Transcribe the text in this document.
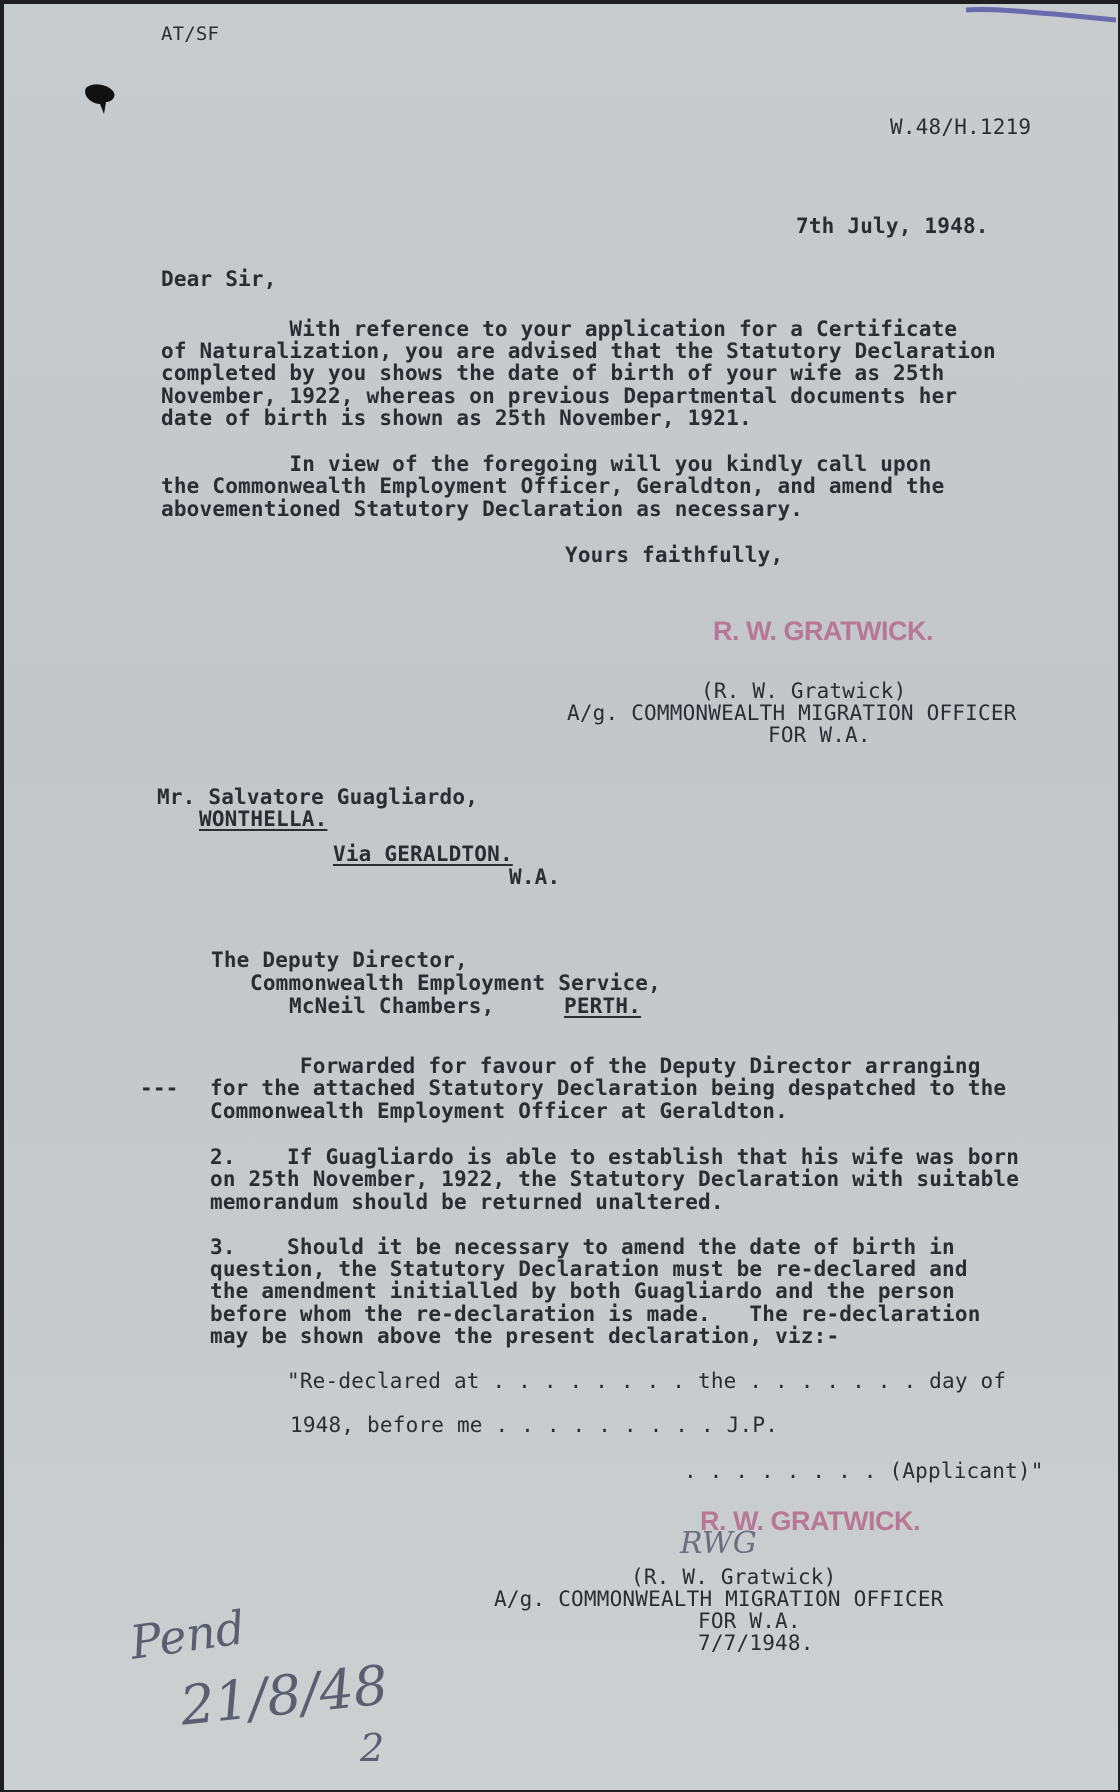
AT/SF
W.48/H.1219
7th July, 1948.
Dear Sir,
With reference to your application for a Certificate
of Naturalization, you are advised that the Statutory Declaration
completed by you shows the date of birth of your wife as 25th
November, 1922, whereas on previous Departmental documents her
date of birth is shown as 25th November, 1921.
In view of the foregoing will you kindly call upon
the Commonwealth Employment Officer, Geraldton, and amend the
abovementioned Statutory Declaration as necessary.
Yours faithfully,
R. W. GRATWICK.
(R. W. Gratwick)
A/g. COMMONWEALTH MIGRATION OFFICER
FOR W.A.
Mr. Salvatore Guagliardo,
WONTHELLA.
Via GERALDTON.
W.A.
The Deputy Director,
Commonwealth Employment Service,
McNeil Chambers,	PERTH.
---
Forwarded for favour of the Deputy Director arranging
for the attached Statutory Declaration being despatched to the
Commonwealth Employment Officer at Geraldton.
2.    If Guagliardo is able to establish that his wife was born
on 25th November, 1922, the Statutory Declaration with suitable
memorandum should be returned unaltered.
3.    Should it be necessary to amend the date of birth in
question, the Statutory Declaration must be re-declared and
the amendment initialled by both Guagliardo and the person
before whom the re-declaration is made.   The re-declaration
may be shown above the present declaration, viz:-
"Re-declared at . . . . . . . . the . . . . . . . day of
1948, before me . . . . . . . . . J.P.
. . . . . . . . (Applicant)"
R. W. GRATWICK.
RWG
(R. W. Gratwick)
A/g. COMMONWEALTH MIGRATION OFFICER
FOR W.A.
7/7/1948.
Pend
21/8/48
2
